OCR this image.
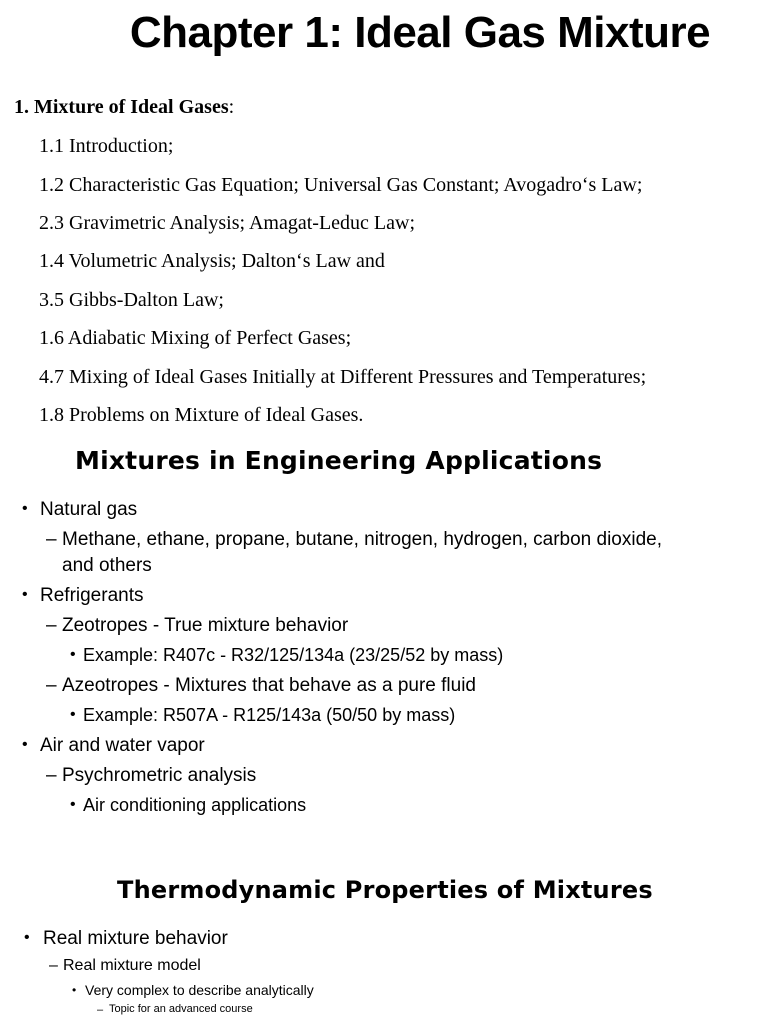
Chapter 1: Ideal Gas Mixture
1. Mixture of Ideal Gases:
1.1 Introduction;
1.2 Characteristic Gas Equation; Universal Gas Constant; Avogadro‘s Law;
2.3 Gravimetric Analysis; Amagat-Leduc Law;
1.4 Volumetric Analysis; Dalton‘s Law and
3.5 Gibbs-Dalton Law;
1.6 Adiabatic Mixing of Perfect Gases;
4.7 Mixing of Ideal Gases Initially at Different Pressures and Temperatures;
1.8 Problems on Mixture of Ideal Gases.
Mixtures in Engineering Applications
• Natural gas
– Methane, ethane, propane, butane, nitrogen, hydrogen, carbon dioxide,
and others
• Refrigerants
– Zeotropes - True mixture behavior
• Example: R407c - R32/125/134a (23/25/52 by mass)
– Azeotropes - Mixtures that behave as a pure fluid
• Example: R507A - R125/143a (50/50 by mass)
• Air and water vapor
– Psychrometric analysis
• Air conditioning applications
Thermodynamic Properties of Mixtures
• Real mixture behavior
– Real mixture model
• Very complex to describe analytically
– Topic for an advanced course
